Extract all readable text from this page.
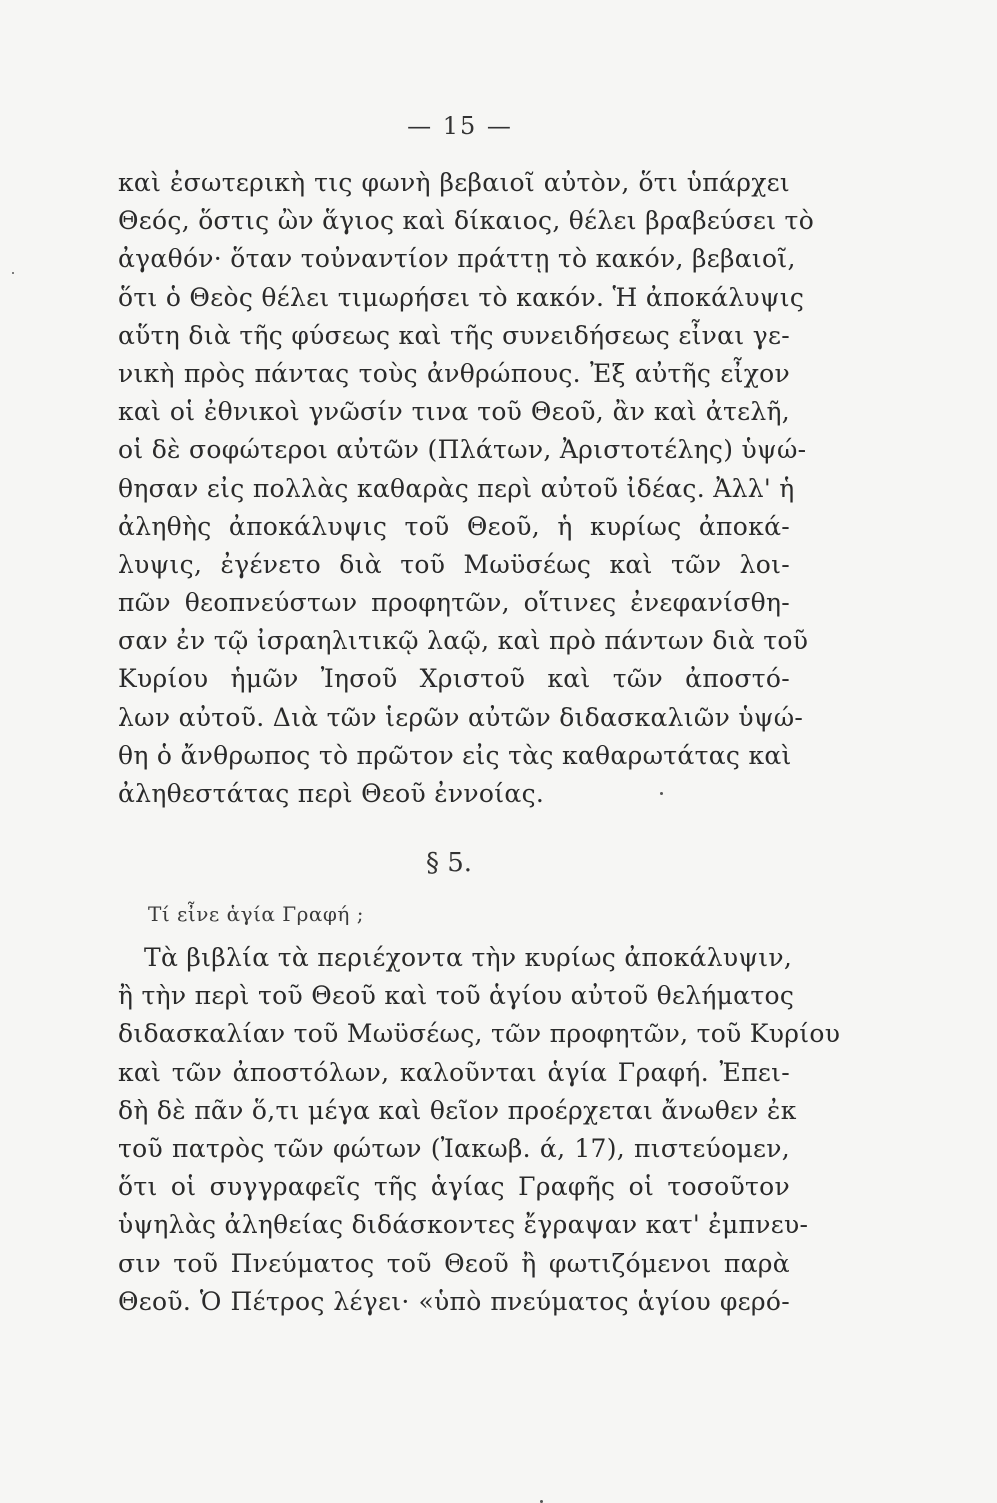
— 15 —
καὶ ἐσωτερικὴ τις φωνὴ βεβαιοῖ αὐτὸν, ὅτι ὑπάρχει
Θεός, ὅστις ὢν ἅγιος καὶ δίκαιος, θέλει βραβεύσει τὸ
ἀγαθόν· ὅταν τοὐναντίον πράττῃ τὸ κακόν, βεβαιοῖ,
ὅτι ὁ Θεὸς θέλει τιμωρήσει τὸ κακόν. Ἡ ἀποκάλυψις
αὕτη διὰ τῆς φύσεως καὶ τῆς συνειδήσεως εἶναι γε-
νικὴ πρὸς πάντας τοὺς ἀνθρώπους. Ἐξ αὐτῆς εἶχον
καὶ οἱ ἐθνικοὶ γνῶσίν τινα τοῦ Θεοῦ, ἂν καὶ ἀτελῆ,
οἱ δὲ σοφώτεροι αὐτῶν (Πλάτων, Ἀριστοτέλης) ὑψώ-
θησαν εἰς πολλὰς καθαρὰς περὶ αὐτοῦ ἰδέας. Ἀλλ' ἡ
ἀληθὴς ἀποκάλυψις τοῦ Θεοῦ, ἡ κυρίως ἀποκά-
λυψις, ἐγένετο διὰ τοῦ Μωϋσέως καὶ τῶν λοι-
πῶν θεοπνεύστων προφητῶν, οἵτινες ἐνεφανίσθη-
σαν ἐν τῷ ἰσραηλιτικῷ λαῷ, καὶ πρὸ πάντων διὰ τοῦ
Κυρίου ἡμῶν Ἰησοῦ Χριστοῦ καὶ τῶν ἀποστό-
λων αὐτοῦ. Διὰ τῶν ἱερῶν αὐτῶν διδασκαλιῶν ὑψώ-
θη ὁ ἄνθρωπος τὸ πρῶτον εἰς τὰς καθαρωτάτας καὶ
ἀληθεστάτας περὶ Θεοῦ ἐννοίας.
§ 5.
Τί εἶνε ἁγία Γραφή ;
Τὰ βιβλία τὰ περιέχοντα τὴν κυρίως ἀποκάλυψιν,
ἢ τὴν περὶ τοῦ Θεοῦ καὶ τοῦ ἁγίου αὐτοῦ θελήματος
διδασκαλίαν τοῦ Μωϋσέως, τῶν προφητῶν, τοῦ Κυρίου
καὶ τῶν ἀποστόλων, καλοῦνται ἁγία Γραφή. Ἐπει-
δὴ δὲ πᾶν ὅ,τι μέγα καὶ θεῖον προέρχεται ἄνωθεν ἐκ
τοῦ πατρὸς τῶν φώτων (Ἰακωβ. ά, 17), πιστεύομεν,
ὅτι οἱ συγγραφεῖς τῆς ἁγίας Γραφῆς οἱ τοσοῦτον
ὑψηλὰς ἀληθείας διδάσκοντες ἔγραψαν κατ' ἐμπνευ-
σιν τοῦ Πνεύματος τοῦ Θεοῦ ἢ φωτιζόμενοι παρὰ
Θεοῦ. Ὁ Πέτρος λέγει· «ὑπὸ πνεύματος ἁγίου φερό-
